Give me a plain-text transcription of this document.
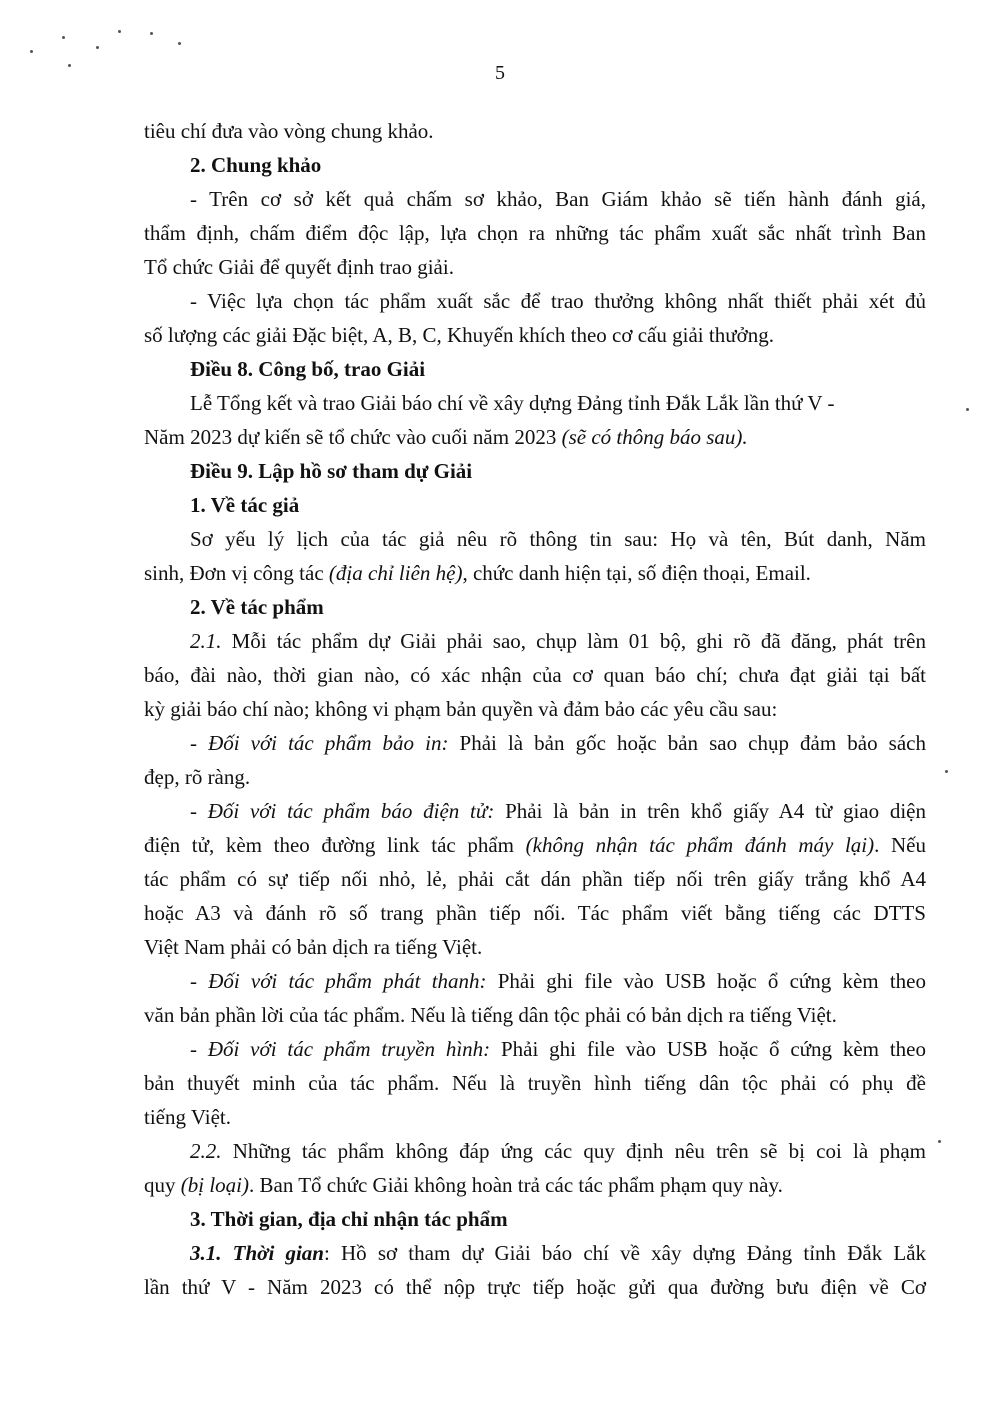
5
tiêu chí đưa vào vòng chung khảo.
2. Chung khảo
- Trên cơ sở kết quả chấm sơ khảo, Ban Giám khảo sẽ tiến hành đánh giá,
thẩm định, chấm điểm độc lập, lựa chọn ra những tác phẩm xuất sắc nhất trình Ban
Tổ chức Giải để quyết định trao giải.
- Việc lựa chọn tác phẩm xuất sắc để trao thưởng không nhất thiết phải xét đủ
số lượng các giải Đặc biệt, A, B, C, Khuyến khích theo cơ cấu giải thưởng.
Điều 8. Công bố, trao Giải
Lễ Tổng kết và trao Giải báo chí về xây dựng Đảng tỉnh Đắk Lắk lần thứ V -
Năm 2023 dự kiến sẽ tổ chức vào cuối năm 2023 (sẽ có thông báo sau).
Điều 9. Lập hồ sơ tham dự Giải
1. Về tác giả
Sơ yếu lý lịch của tác giả nêu rõ thông tin sau: Họ và tên, Bút danh, Năm
sinh, Đơn vị công tác (địa chỉ liên hệ), chức danh hiện tại, số điện thoại, Email.
2. Về tác phẩm
2.1. Mỗi tác phẩm dự Giải phải sao, chụp làm 01 bộ, ghi rõ đã đăng, phát trên
báo, đài nào, thời gian nào, có xác nhận của cơ quan báo chí; chưa đạt giải tại bất
kỳ giải báo chí nào; không vi phạm bản quyền và đảm bảo các yêu cầu sau:
- Đối với tác phẩm bảo in: Phải là bản gốc hoặc bản sao chụp đảm bảo sách
đẹp, rõ ràng.
- Đối với tác phẩm báo điện tử: Phải là bản in trên khổ giấy A4 từ giao diện
điện tử, kèm theo đường link tác phẩm (không nhận tác phẩm đánh máy lại). Nếu
tác phẩm có sự tiếp nối nhỏ, lẻ, phải cắt dán phần tiếp nối trên giấy trắng khổ A4
hoặc A3 và đánh rõ số trang phần tiếp nối. Tác phẩm viết bằng tiếng các DTTS
Việt Nam phải có bản dịch ra tiếng Việt.
- Đối với tác phẩm phát thanh: Phải ghi file vào USB hoặc ổ cứng kèm theo
văn bản phần lời của tác phẩm. Nếu là tiếng dân tộc phải có bản dịch ra tiếng Việt.
- Đối với tác phẩm truyền hình: Phải ghi file vào USB hoặc ổ cứng kèm theo
bản thuyết minh của tác phẩm. Nếu là truyền hình tiếng dân tộc phải có phụ đề
tiếng Việt.
2.2. Những tác phẩm không đáp ứng các quy định nêu trên sẽ bị coi là phạm
quy (bị loại). Ban Tổ chức Giải không hoàn trả các tác phẩm phạm quy này.
3. Thời gian, địa chỉ nhận tác phẩm
3.1. Thời gian: Hồ sơ tham dự Giải báo chí về xây dựng Đảng tỉnh Đắk Lắk
lần thứ V - Năm 2023 có thể nộp trực tiếp hoặc gửi qua đường bưu điện về Cơ
